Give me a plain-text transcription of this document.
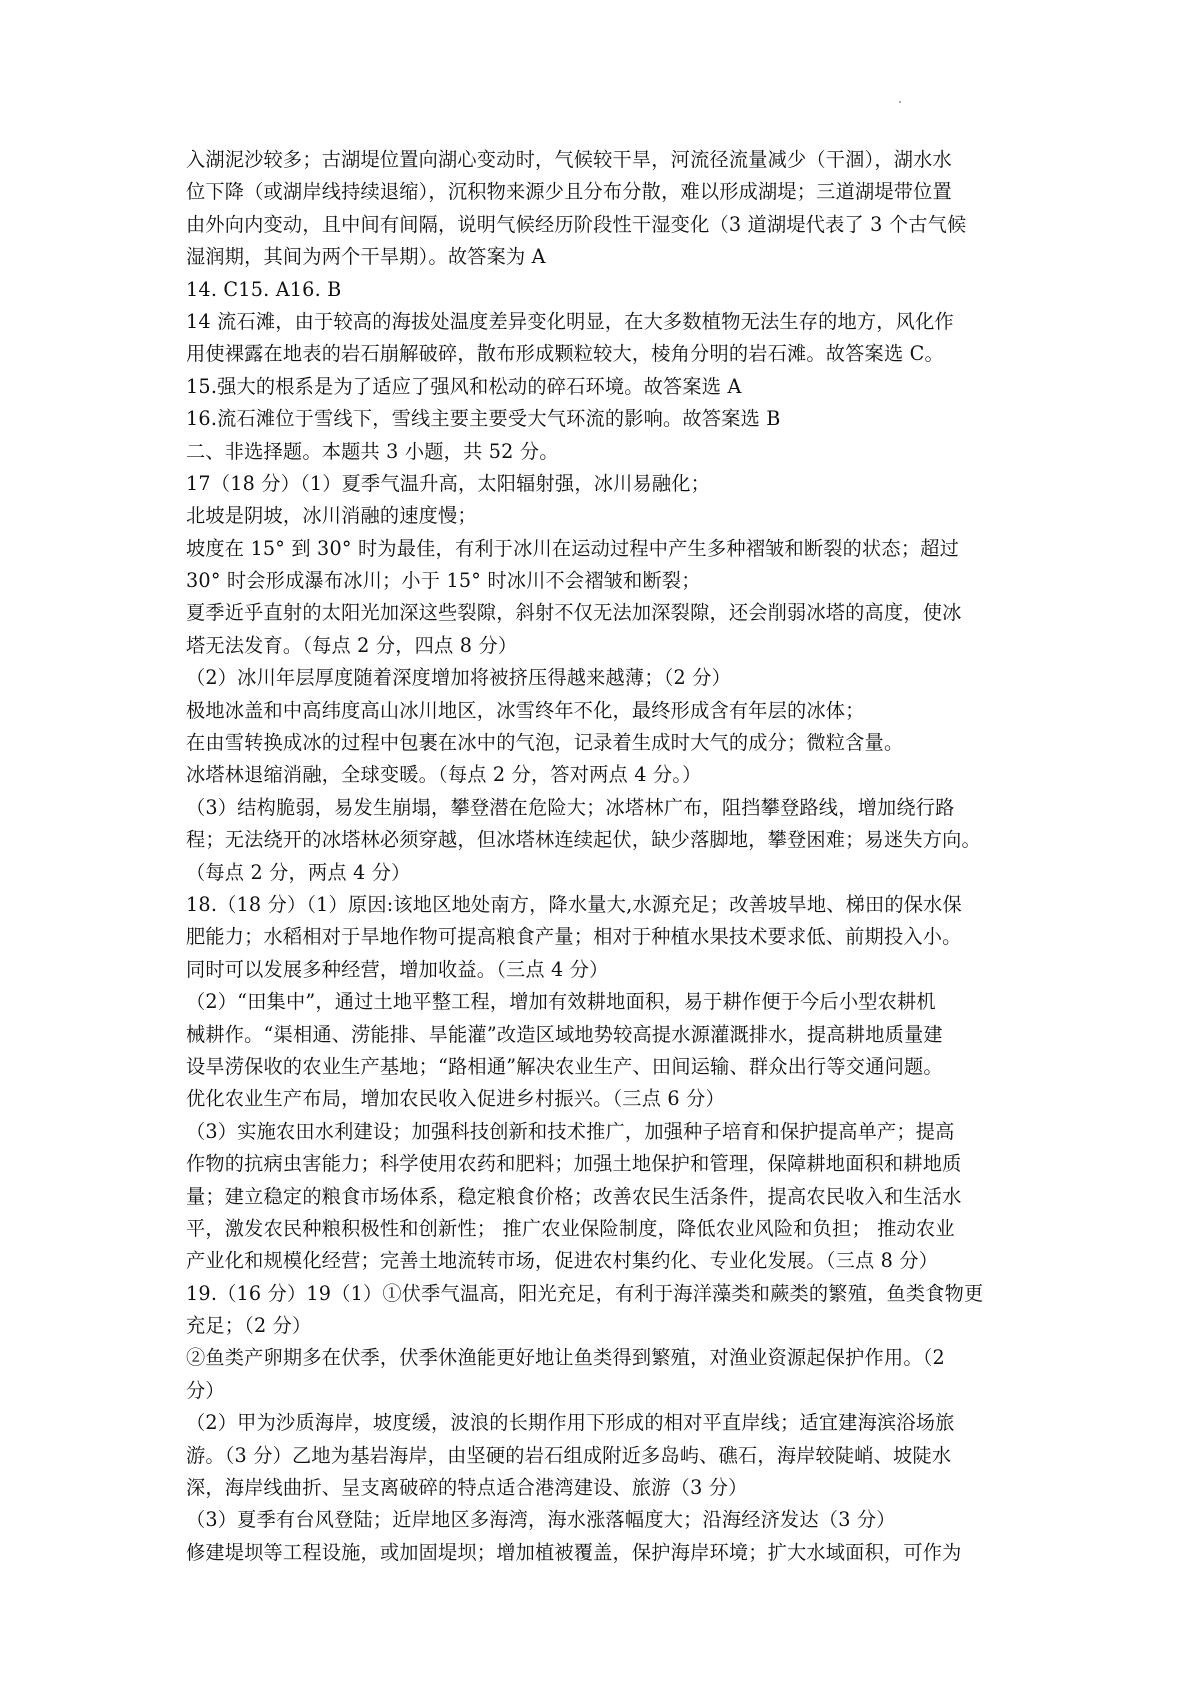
入湖泥沙较多；古湖堤位置向湖心变动时，气候较干旱，河流径流量减少（干涸），湖水水
位下降（或湖岸线持续退缩），沉积物来源少且分布分散，难以形成湖堤；三道湖堤带位置
由外向内变动，且中间有间隔，说明气候经历阶段性干湿变化（3 道湖堤代表了 3 个古气候
湿润期，其间为两个干旱期）。故答案为 A
14. C15. A16. B
14 流石滩，由于较高的海拔处温度差异变化明显，在大多数植物无法生存的地方，风化作
用使裸露在地表的岩石崩解破碎，散布形成颗粒较大，棱角分明的岩石滩。故答案选 C。
15.强大的根系是为了适应了强风和松动的碎石环境。故答案选 A
16.流石滩位于雪线下，雪线主要主要受大气环流的影响。故答案选 B
二、非选择题。本题共 3 小题，共 52 分。
17（18 分）（1）夏季气温升高，太阳辐射强，冰川易融化；
北坡是阴坡，冰川消融的速度慢；
坡度在 15° 到 30° 时为最佳，有利于冰川在运动过程中产生多种褶皱和断裂的状态；超过
30° 时会形成瀑布冰川；小于 15° 时冰川不会褶皱和断裂；
夏季近乎直射的太阳光加深这些裂隙，斜射不仅无法加深裂隙，还会削弱冰塔的高度，使冰
塔无法发育。（每点 2 分，四点 8 分）
（2）冰川年层厚度随着深度增加将被挤压得越来越薄；（2 分）
极地冰盖和中高纬度高山冰川地区，冰雪终年不化，最终形成含有年层的冰体；
在由雪转换成冰的过程中包裹在冰中的气泡，记录着生成时大气的成分；微粒含量。
冰塔林退缩消融，全球变暖。（每点 2 分，答对两点 4 分。）
（3）结构脆弱，易发生崩塌，攀登潜在危险大；冰塔林广布，阻挡攀登路线，增加绕行路
程；无法绕开的冰塔林必须穿越，但冰塔林连续起伏，缺少落脚地，攀登困难；易迷失方向。
（每点 2 分，两点 4 分）
18.（18 分）（1）原因:该地区地处南方，降水量大,水源充足；改善坡旱地、梯田的保水保
肥能力；水稻相对于旱地作物可提高粮食产量；相对于种植水果技术要求低、前期投入小。
同时可以发展多种经营，增加收益。（三点 4 分）
（2）“田集中”，通过土地平整工程，增加有效耕地面积，易于耕作便于今后小型农耕机
械耕作。“渠相通、涝能排、旱能灌”改造区域地势较高提水源灌溉排水，提高耕地质量建
设旱涝保收的农业生产基地；“路相通”解决农业生产、田间运输、群众出行等交通问题。
优化农业生产布局，增加农民收入促进乡村振兴。（三点 6 分）
（3）实施农田水利建设；加强科技创新和技术推广，加强种子培育和保护提高单产；提高
作物的抗病虫害能力；科学使用农药和肥料；加强土地保护和管理，保障耕地面积和耕地质
量；建立稳定的粮食市场体系，稳定粮食价格；改善农民生活条件，提高农民收入和生活水
平，激发农民种粮积极性和创新性； 推广农业保险制度，降低农业风险和负担； 推动农业
产业化和规模化经营；完善土地流转市场，促进农村集约化、专业化发展。（三点 8 分）
19.（16 分）19（1）①伏季气温高，阳光充足，有利于海洋藻类和蕨类的繁殖，鱼类食物更
充足；（2 分）
②鱼类产卵期多在伏季，伏季休渔能更好地让鱼类得到繁殖，对渔业资源起保护作用。（2
分）
（2）甲为沙质海岸，坡度缓，波浪的长期作用下形成的相对平直岸线；适宜建海滨浴场旅
游。（3 分）乙地为基岩海岸，由坚硬的岩石组成附近多岛屿、礁石，海岸较陡峭、坡陡水
深，海岸线曲折、呈支离破碎的特点适合港湾建设、旅游（3 分）
（3）夏季有台风登陆；近岸地区多海湾，海水涨落幅度大；沿海经济发达（3 分）
修建堤坝等工程设施，或加固堤坝；增加植被覆盖，保护海岸环境；扩大水域面积，可作为
